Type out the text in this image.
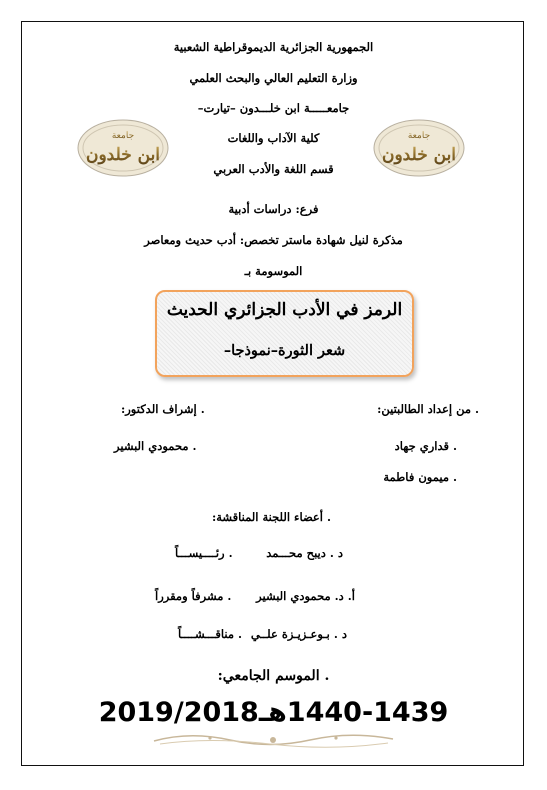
الجمهورية الجزائرية الديموقراطية الشعبية
وزارة التعليم العالي والبحث العلمي
جامعـــــة ابن خلـــدون –تيارت–
كلية الآداب واللغات
قسم اللغة والأدب العربي
جامعة
ابن خلدون
جامعة
ابن خلدون
فرع: دراسات أدبية
مذكرة لنيل شهادة ماستر تخصص: أدب حديث ومعاصر
الموسومة بـ
الرمز في الأدب الجزائري الحديث
شعر الثورة–نموذجا–
. من إعداد الطالبتين:
. إشراف الدكتور:
. قداري جهاد
. محمودي البشير
. ميمون فاطمة
. أعضاء اللجنة المناقشة:
د . ديبح محـــمد
. رئــــيســـاً
أ. د. محمودي البشير
. مشرفاً ومقرراً
د . بـوعـزيـزة علــي
. مناقـــشــــاً
. الموسم الجامعي:
1440-1439هـ2019/2018
